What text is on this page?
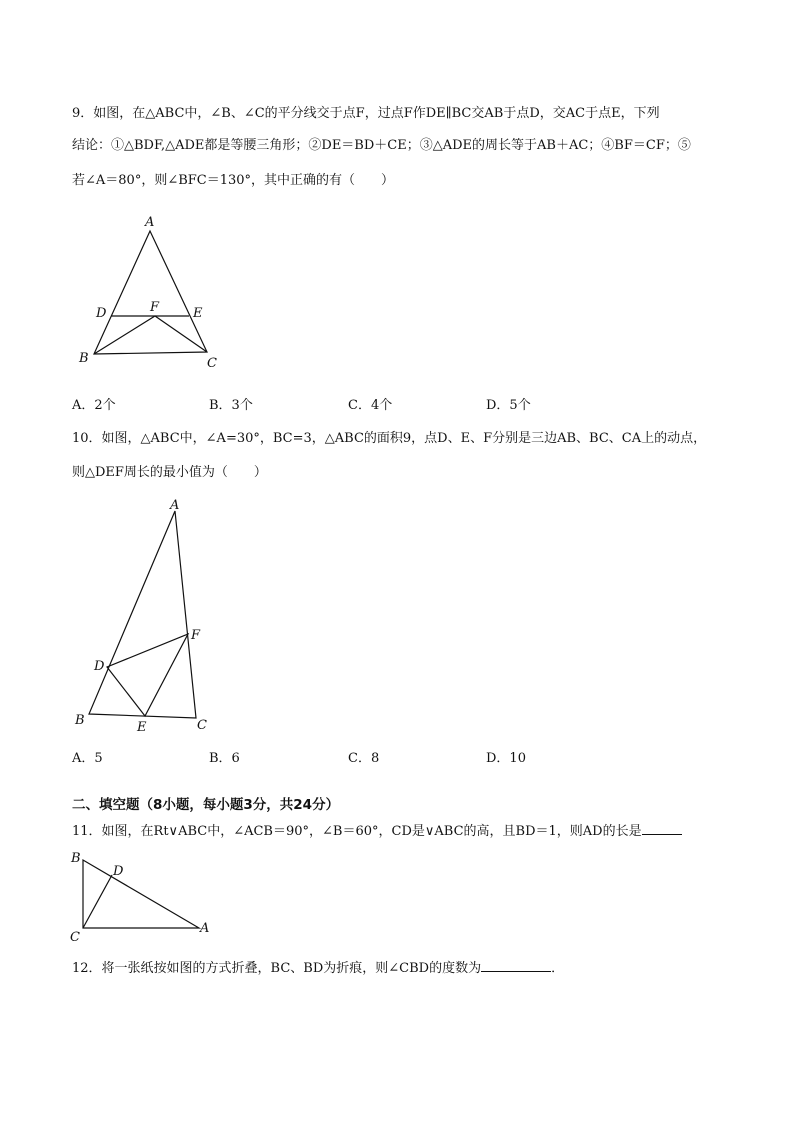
9．如图，在△ABC中，∠B、∠C的平分线交于点F，过点F作DE∥BC交AB于点D，交AC于点E，下列
结论：①△BDF,△ADE都是等腰三角形；②DE＝BD＋CE；③△ADE的周长等于AB＋AC；④BF＝CF；⑤
若∠A＝80°，则∠BFC＝130°，其中正确的有（　　）
A
D	F	E
B	C
A．2个	B．3个	C．4个	D．5个
10．如图，△ABC中，∠A=30°，BC=3，△ABC的面积9，点D、E、F分别是三边AB、BC、CA上的动点，
则△DEF周长的最小值为（　　）
A
F
D
B	E	C
A．5	B．6	C．8	D．10
二、填空题（8小题，每小题3分，共24分）
11．如图，在Rt∨ABC中，∠ACB＝90°，∠B＝60°，CD是∨ABC的高，且BD＝1，则AD的长是
B
D
A
C
12．将一张纸按如图的方式折叠，BC、BD为折痕，则∠CBD的度数为	．
